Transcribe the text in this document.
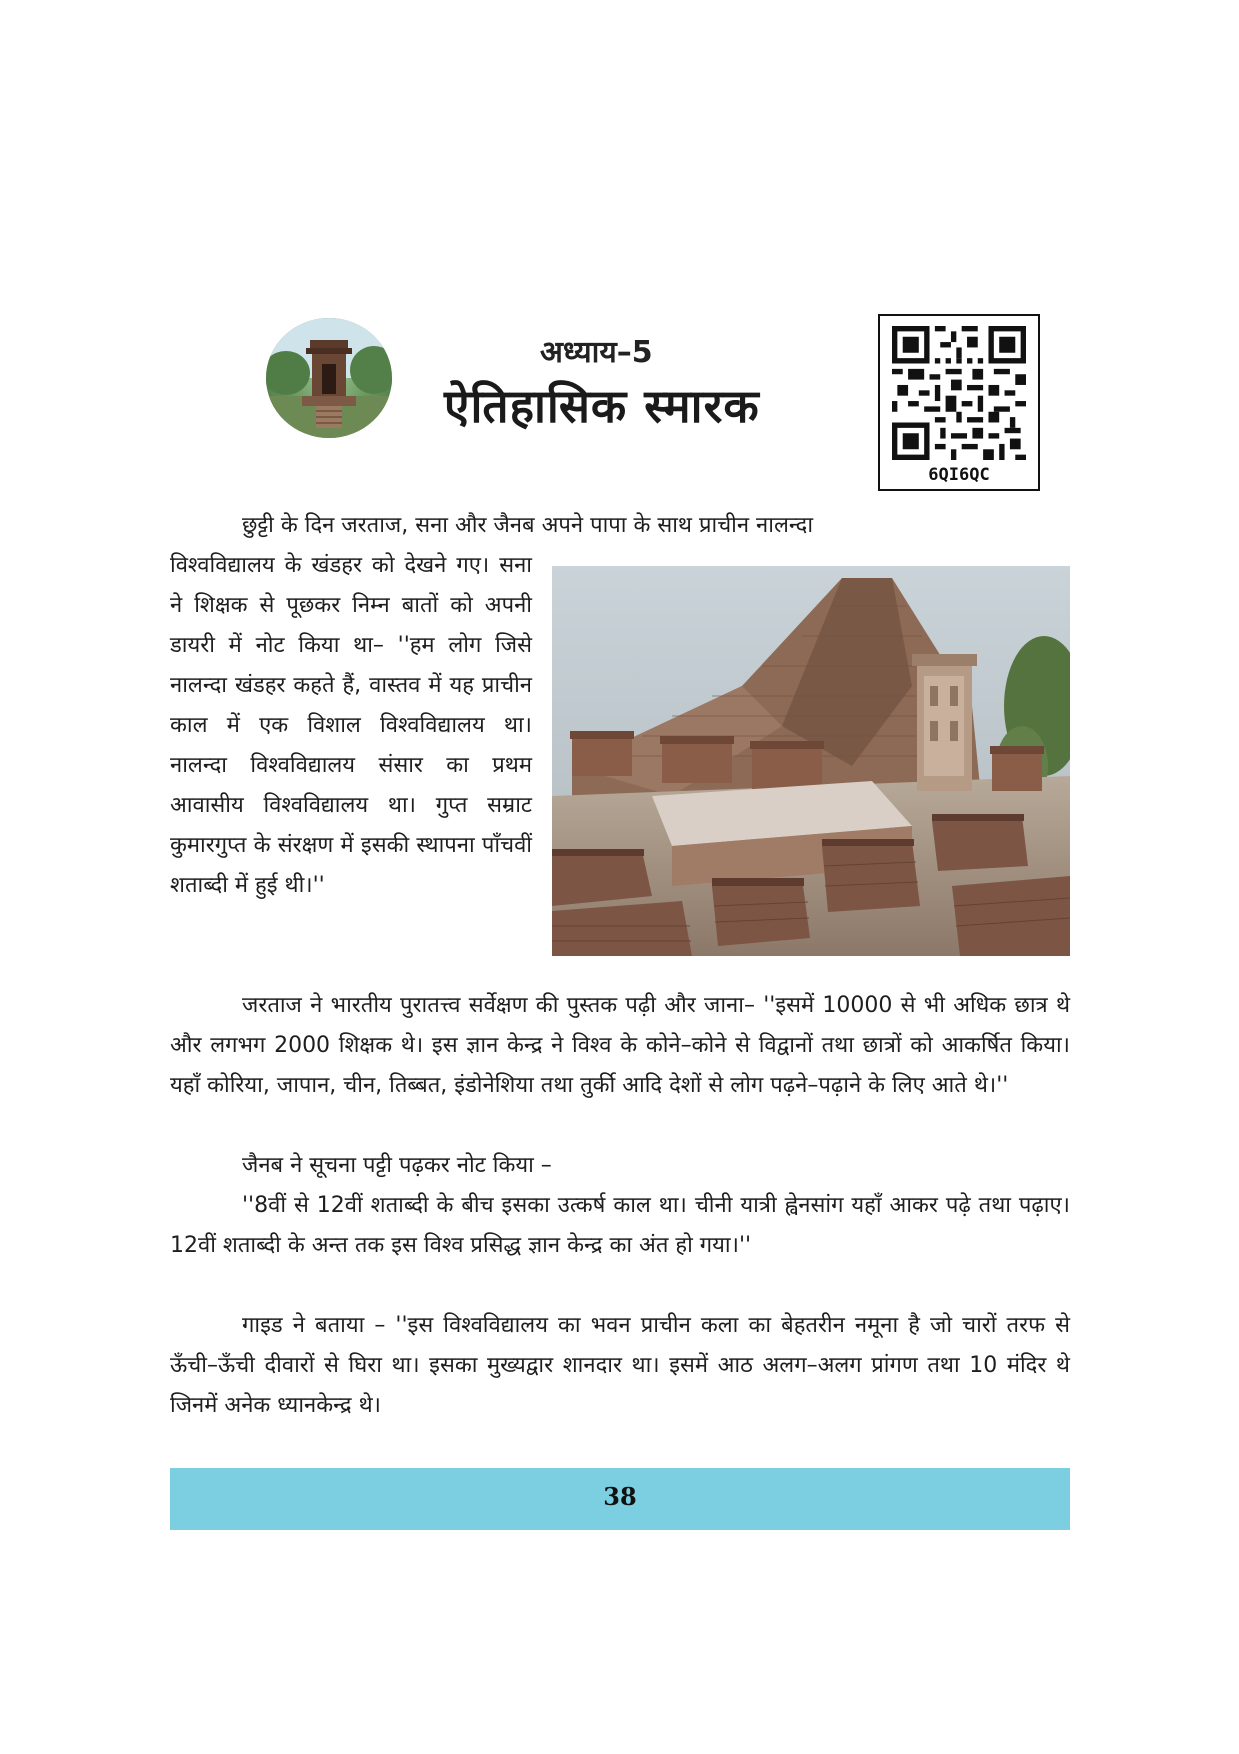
अध्याय–5
ऐतिहासिक स्मारक
6QI6QC
छुट्टी के दिन जरताज, सना और जैनब अपने पापा के साथ प्राचीन नालन्दा
विश्वविद्यालय के खंडहर को देखने गए। सना ने शिक्षक से पूछकर निम्न बातों को अपनी डायरी में नोट किया था– ''हम लोग जिसे नालन्दा खंडहर कहते हैं, वास्तव में यह प्राचीन काल में एक विशाल विश्वविद्यालय था। नालन्दा विश्वविद्यालय संसार का प्रथम आवासीय विश्वविद्यालय था। गुप्त सम्राट कुमारगुप्त के संरक्षण में इसकी स्थापना पाँचवीं शताब्दी में हुई थी।''
जरताज ने भारतीय पुरातत्त्व सर्वेक्षण की पुस्तक पढ़ी और जाना– ''इसमें 10000 से भी अधिक छात्र थे और लगभग 2000 शिक्षक थे। इस ज्ञान केन्द्र ने विश्व के कोने–कोने से विद्वानों तथा छात्रों को आकर्षित किया। यहाँ कोरिया, जापान, चीन, तिब्बत, इंडोनेशिया तथा तुर्की आदि देशों से लोग पढ़ने–पढ़ाने के लिए आते थे।''
जैनब ने सूचना पट्टी पढ़कर नोट किया –
''8वीं से 12वीं शताब्दी के बीच इसका उत्कर्ष काल था। चीनी यात्री ह्वेनसांग यहाँ आकर पढ़े तथा पढ़ाए। 12वीं शताब्दी के अन्त तक इस विश्व प्रसिद्ध ज्ञान केन्द्र का अंत हो गया।''
गाइड ने बताया – ''इस विश्वविद्यालय का भवन प्राचीन कला का बेहतरीन नमूना है जो चारों तरफ से ऊँची–ऊँची दीवारों से घिरा था। इसका मुख्यद्वार शानदार था। इसमें आठ अलग–अलग प्रांगण तथा 10 मंदिर थे जिनमें अनेक ध्यानकेन्द्र थे।
38
